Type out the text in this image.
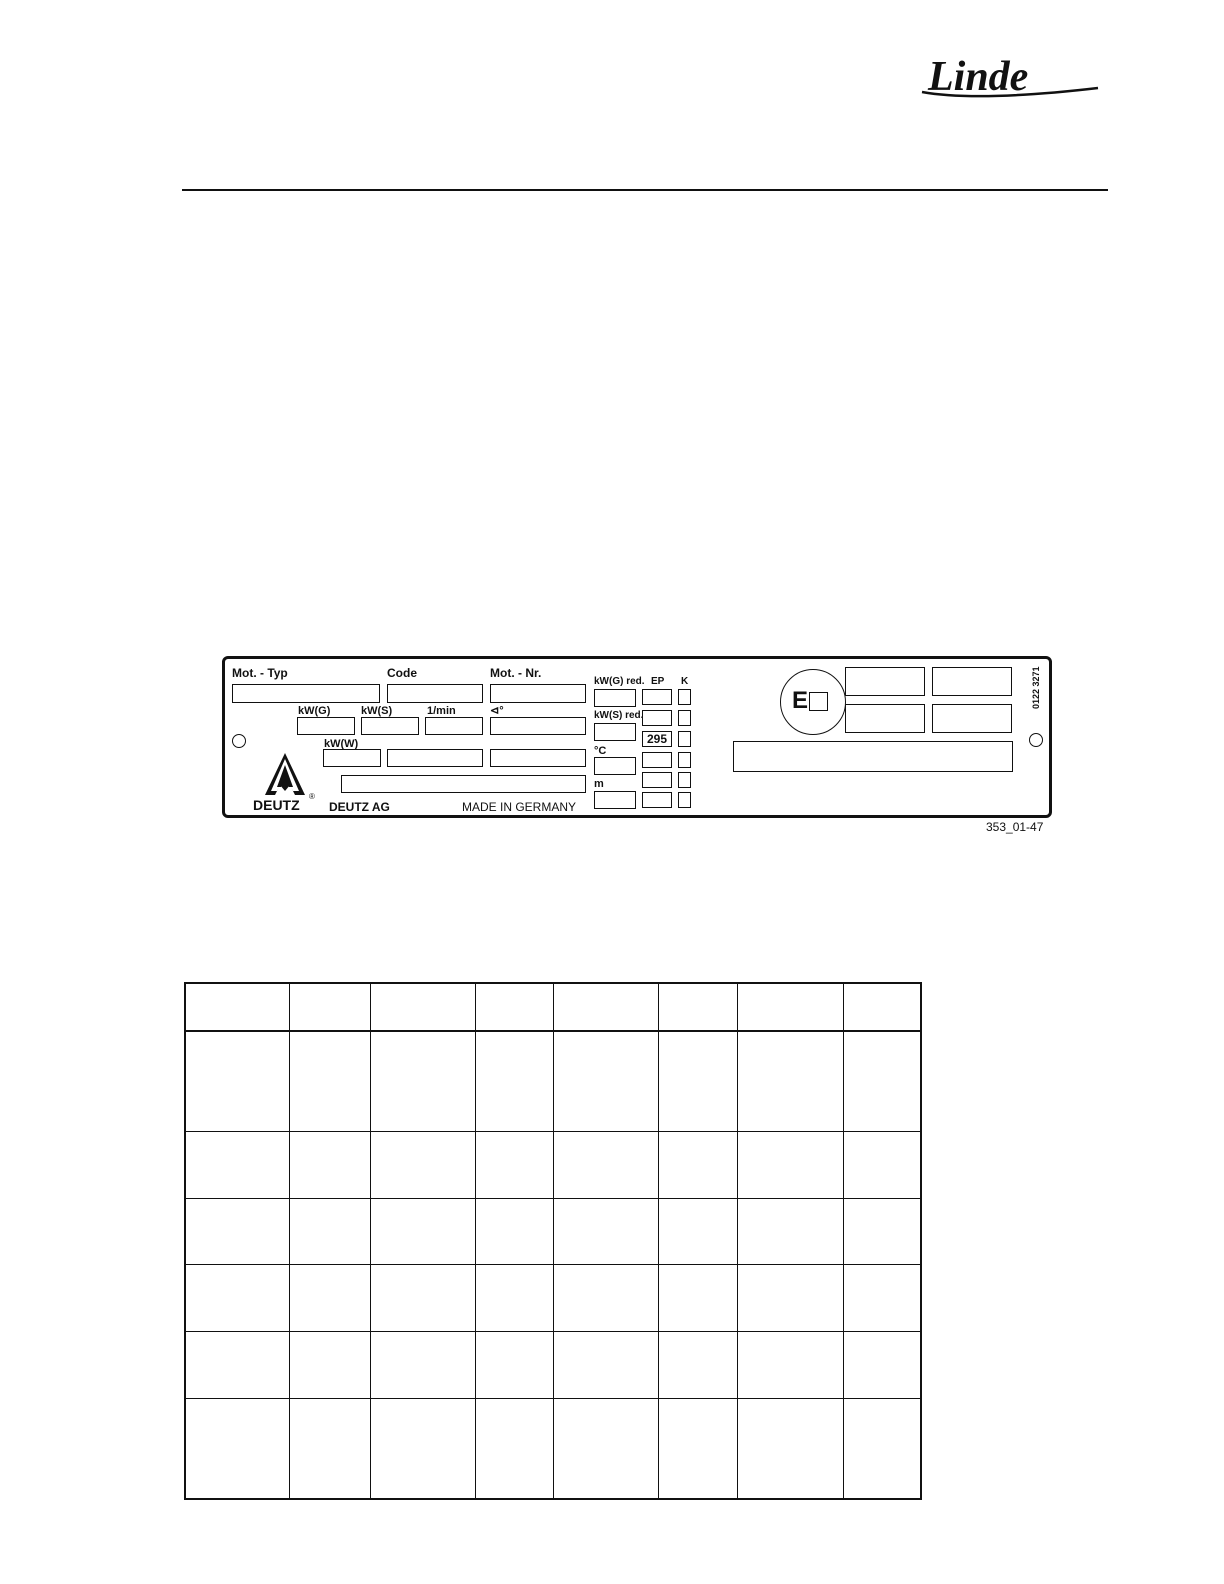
Linde
Mot. - Typ	Code	Mot. - Nr.
kW(G)	kW(S)	1/min	⊲°
kW(W)
DEUTZ
®
DEUTZ AG	MADE IN GERMANY
kW(G) red.
kW(S) red.
°C
m
EP
295
K
E	0122 3271
353_01-47
